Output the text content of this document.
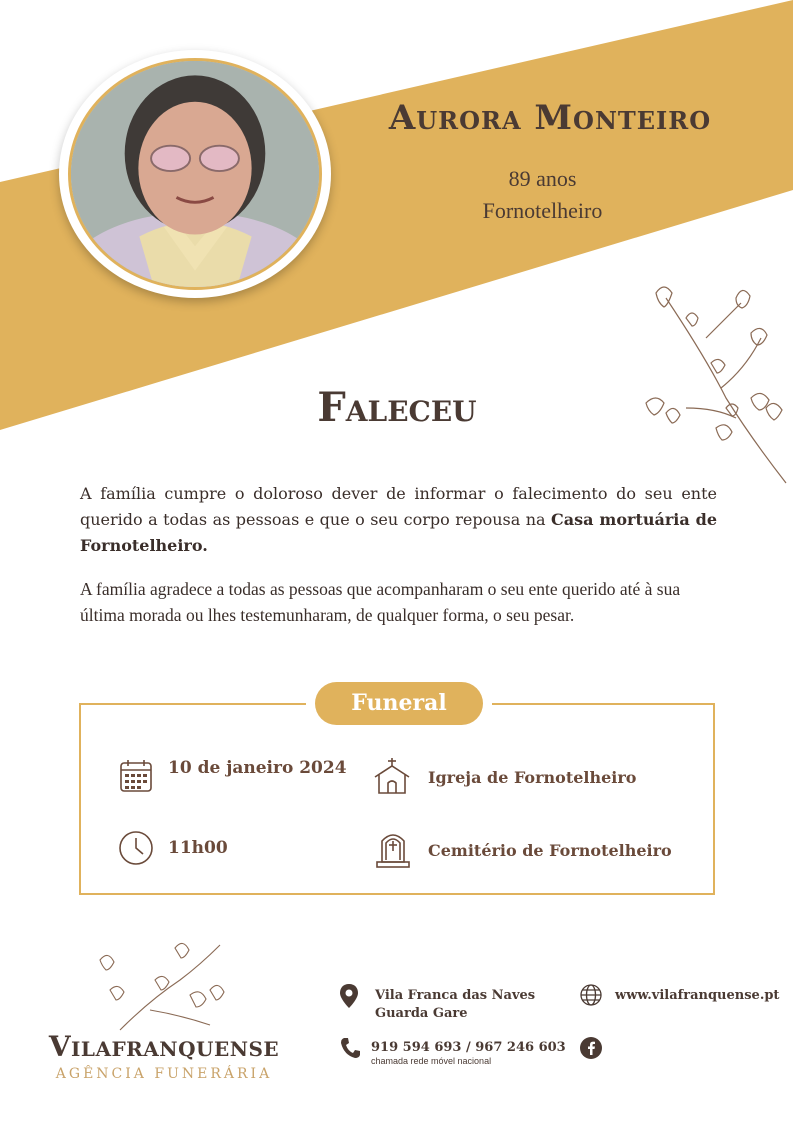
Aurora Monteiro
89 anos
Fornotelheiro
Faleceu
A família cumpre o doloroso dever de informar o falecimento do seu ente querido a todas as pessoas e que o seu corpo repousa na Casa mortuária de Fornotelheiro.
A família agradece a todas as pessoas que acompanharam o seu ente querido até à sua última morada ou lhes testemunharam, de qualquer forma, o seu pesar.
Funeral
10 de janeiro 2024	Igreja de Fornotelheiro
11h00	Cemitério de Fornotelheiro
Vilafranquense
AGÊNCIA FUNERÁRIA
Vila Franca das Naves
Guarda Gare
www.vilafranquense.pt
919 594 693 / 967 246 603
chamada rede móvel nacional
